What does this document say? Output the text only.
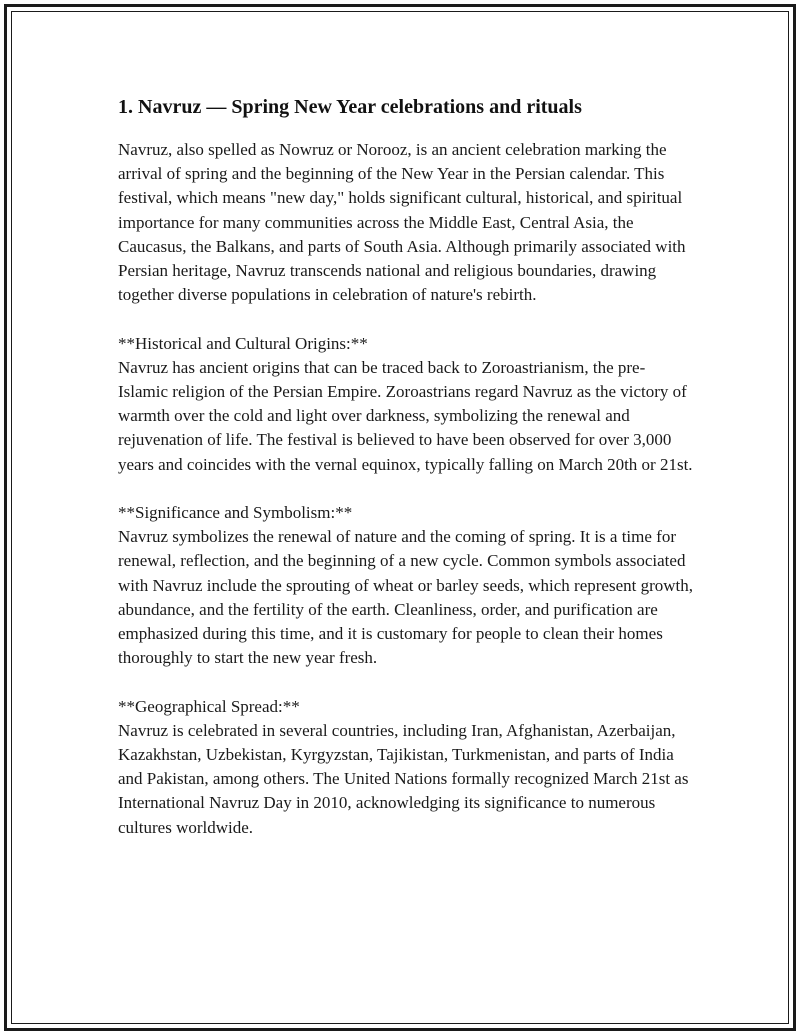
1. Navruz — Spring New Year celebrations and rituals

Navruz, also spelled as Nowruz or Norooz, is an ancient celebration marking the arrival of spring and the beginning of the New Year in the Persian calendar. This festival, which means "new day," holds significant cultural, historical, and spiritual importance for many communities across the Middle East, Central Asia, the Caucasus, the Balkans, and parts of South Asia. Although primarily associated with Persian heritage, Navruz transcends national and religious boundaries, drawing together diverse populations in celebration of nature's rebirth.

**Historical and Cultural Origins:**

Navruz has ancient origins that can be traced back to Zoroastrianism, the pre-Islamic religion of the Persian Empire. Zoroastrians regard Navruz as the victory of warmth over the cold and light over darkness, symbolizing the renewal and rejuvenation of life. The festival is believed to have been observed for over 3,000 years and coincides with the vernal equinox, typically falling on March 20th or 21st.

**Significance and Symbolism:**

Navruz symbolizes the renewal of nature and the coming of spring. It is a time for renewal, reflection, and the beginning of a new cycle. Common symbols associated with Navruz include the sprouting of wheat or barley seeds, which represent growth, abundance, and the fertility of the earth. Cleanliness, order, and purification are emphasized during this time, and it is customary for people to clean their homes thoroughly to start the new year fresh.

**Geographical Spread:**

Navruz is celebrated in several countries, including Iran, Afghanistan, Azerbaijan, Kazakhstan, Uzbekistan, Kyrgyzstan, Tajikistan, Turkmenistan, and parts of India and Pakistan, among others. The United Nations formally recognized March 21st as International Navruz Day in 2010, acknowledging its significance to numerous cultures worldwide.
